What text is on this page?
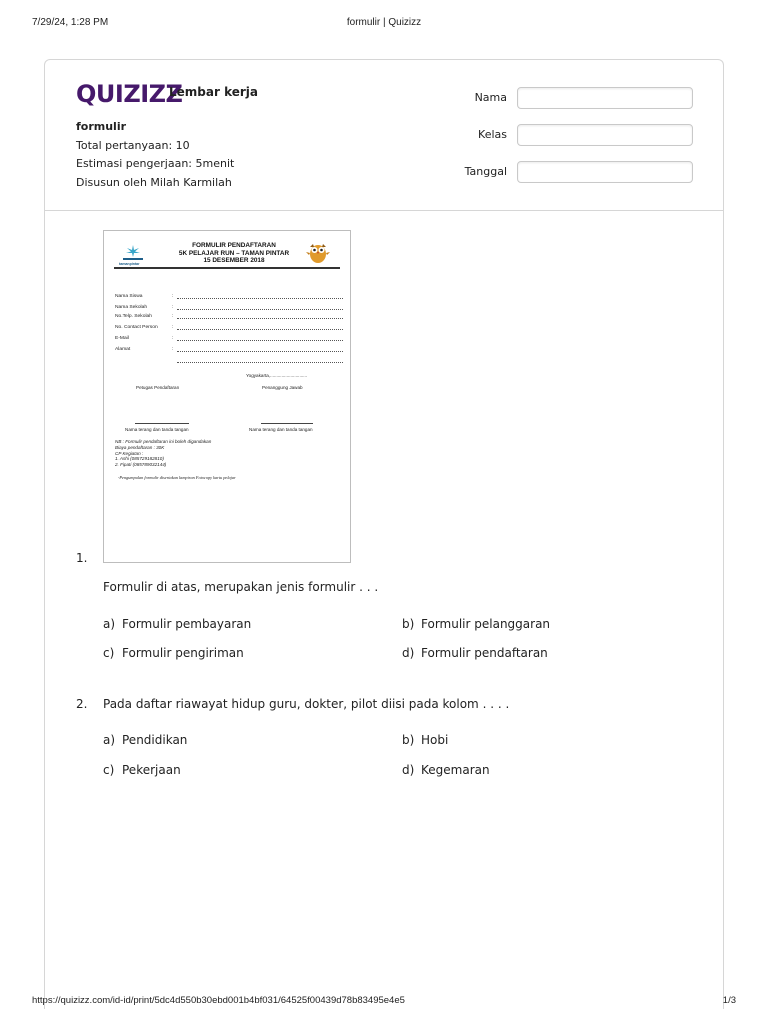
7/29/24, 1:28 PM	formulir | Quizizz
QUIZIZZ
Lembar kerja
formulir
Total pertanyaan: 10
Estimasi pengerjaan: 5menit
Disusun oleh Milah Karmilah
Nama
Kelas
Tanggal
FORMULIR PENDAFTARAN
5K PELAJAR RUN – TAMAN PINTAR
15 DESEMBER 2018
tamanpintar
Nama Siswa	:
Nama Sekolah	:
No.Telp. Sekolah	:
No. Contact Person	:
E-Mail	:
Alamat	:
Yogyakarta,.............................
Petugas Pendaftaran	Penanggung Jawab
Nama terang dan tanda tangan	Nama terang dan tanda tangan
NB : Formulir pendaftaran ini boleh digandakan
Biaya pendaftaran : 30K
CP Kegiatan :
1. Ashi (085729182810)
2. Fipati (085789032144)
-Pengumpulan formulir disertakan lampiran Fotocopy kartu pelajar
1.
Formulir di atas, merupakan jenis formulir . . .
a) Formulir pembayaran	b) Formulir pelanggaran
c) Formulir pengiriman	d) Formulir pendaftaran
2. Pada daftar riawayat hidup guru, dokter, pilot diisi pada kolom . . . .
a) Pendidikan	b) Hobi
c) Pekerjaan	d) Kegemaran
https://quizizz.com/id-id/print/5dc4d550b30ebd001b4bf031/64525f00439d78b83495e4e5	1/3
